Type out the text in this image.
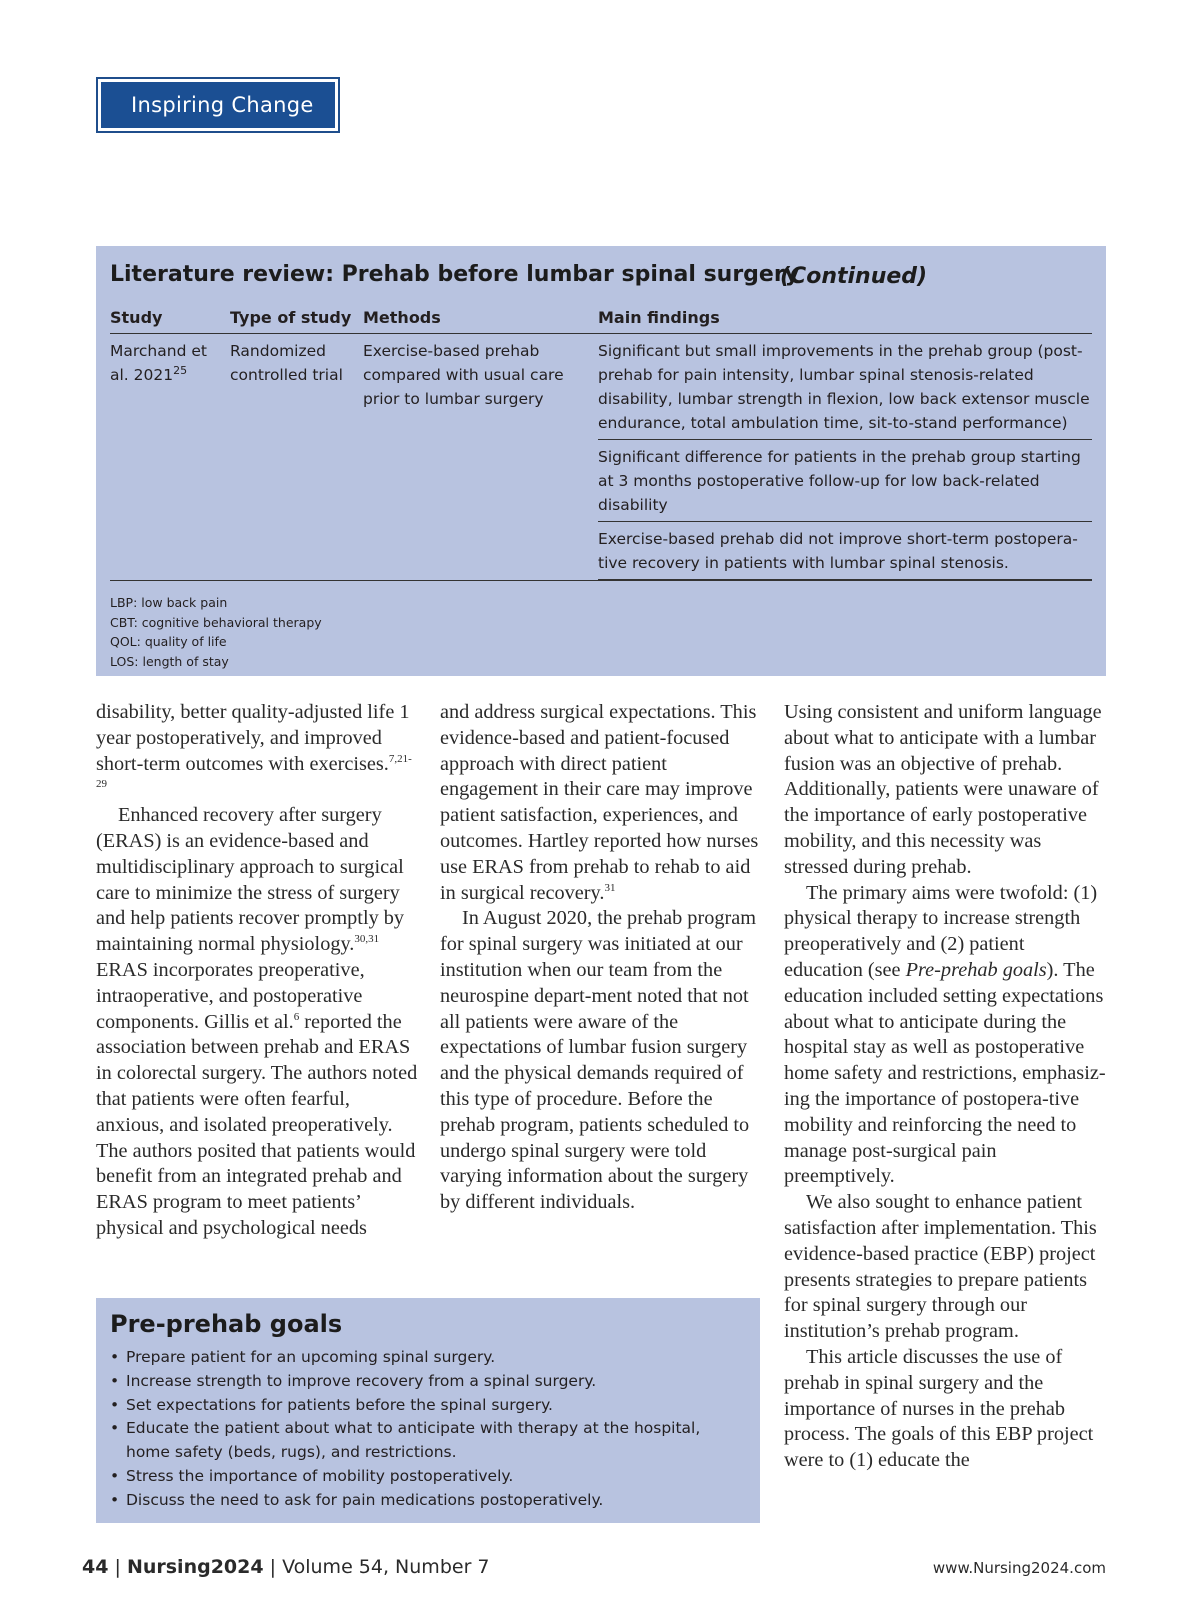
Inspiring Change
Literature review: Prehab before lumbar spinal surgery
(Continued)
Study	Type of study	Methods	Main findings
Marchand et al. 2021$^{25}$	Randomized controlled trial	Exercise-based prehab compared with usual care prior to lumbar surgery	Significant but small improvements in the prehab group (post-prehab for pain intensity, lumbar spinal stenosis-related disability, lumbar strength in flexion, low back extensor muscle endurance, total ambulation time, sit-to-stand performance)
			Significant difference for patients in the prehab group starting at 3 months postoperative follow-up for low back-related disability
			Exercise-based prehab did not improve short-term postopera-tive recovery in patients with lumbar spinal stenosis.

LBP: low back pain
CBT: cognitive behavioral therapy
QOL: quality of life
LOS: length of stay

disability, better quality-adjusted life 1 year postoperatively, and improved short-term outcomes with exercises.$^{7,21-29}$

Enhanced recovery after surgery (ERAS) is an evidence-based and multidisciplinary approach to surgical care to minimize the stress of surgery and help patients recover promptly by maintaining normal physiology.$^{30,31}$ ERAS incorporates preoperative, intraoperative, and postoperative components. Gillis et al.$^6$ reported the association between prehab and ERAS in colorectal surgery. The authors noted that patients were often fearful, anxious, and isolated preoperatively. The authors posited that patients would benefit from an integrated prehab and ERAS program to meet patients’ physical and psychological needs

and address surgical expectations. This evidence-based and patient-focused approach with direct patient engagement in their care may improve patient satisfaction, experiences, and outcomes. Hartley reported how nurses use ERAS from prehab to rehab to aid in surgical recovery.$^{31}$

In August 2020, the prehab program for spinal surgery was initiated at our institution when our team from the neurospine depart-ment noted that not all patients were aware of the expectations of lumbar fusion surgery and the physical demands required of this type of procedure. Before the prehab program, patients scheduled to undergo spinal surgery were told varying information about the surgery by different individuals.

Using consistent and uniform language about what to anticipate with a lumbar fusion was an objective of prehab. Additionally, patients were unaware of the importance of early postoperative mobility, and this necessity was stressed during prehab.

The primary aims were twofold: (1) physical therapy to increase strength preoperatively and (2) patient education (see Pre-prehab goals). The education included setting expectations about what to anticipate during the hospital stay as well as postoperative home safety and restrictions, emphasiz-ing the importance of postopera-tive mobility and reinforcing the need to manage post-surgical pain preemptively.

We also sought to enhance patient satisfaction after implementation. This evidence-based practice (EBP) project presents strategies to prepare patients for spinal surgery through our institution’s prehab program.

This article discusses the use of prehab in spinal surgery and the importance of nurses in the prehab process. The goals of this EBP project were to (1) educate the

Pre-prehab goals
• Prepare patient for an upcoming spinal surgery.
• Increase strength to improve recovery from a spinal surgery.
• Set expectations for patients before the spinal surgery.
• Educate the patient about what to anticipate with therapy at the hospital, home safety (beds, rugs), and restrictions.
• Stress the importance of mobility postoperatively.
• Discuss the need to ask for pain medications postoperatively.
44 | Nursing2024 | Volume 54, Number 7	www.Nursing2024.com
